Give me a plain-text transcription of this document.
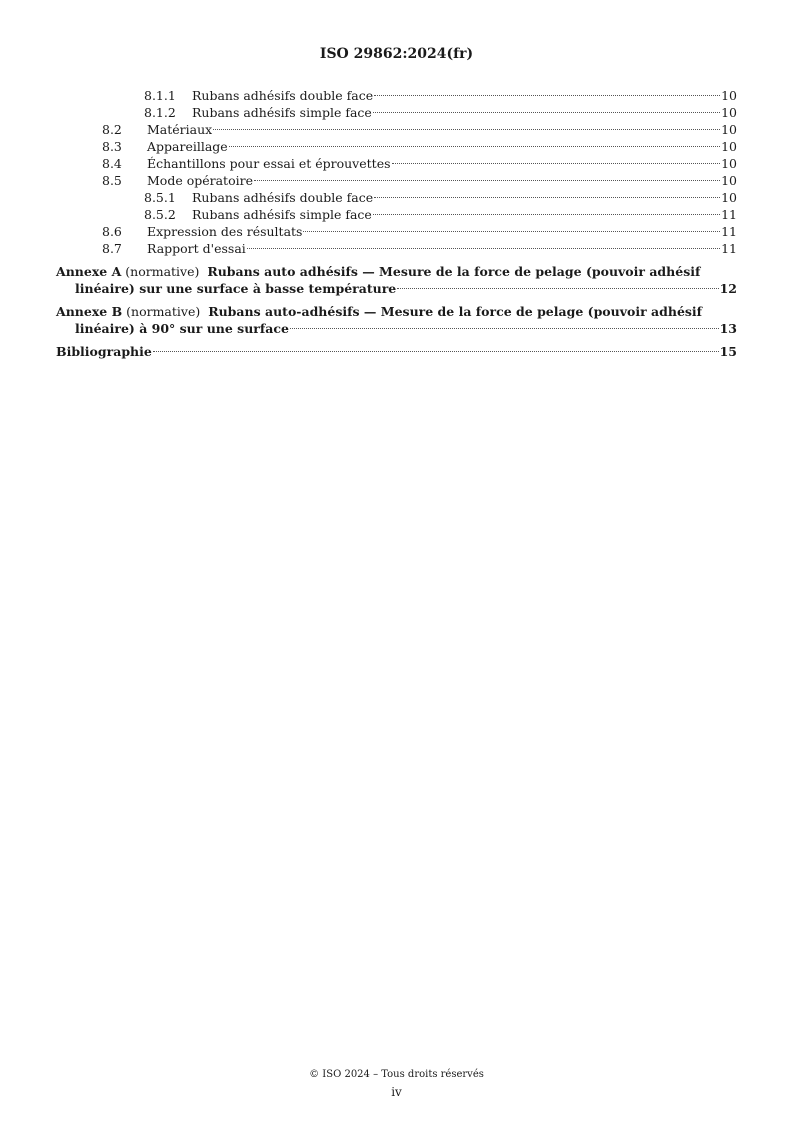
ISO 29862:2024(fr)
8.1.1	Rubans adhésifs double face	10
8.1.2	Rubans adhésifs simple face	10
8.2	Matériaux	10
8.3	Appareillage	10
8.4	Échantillons pour essai et éprouvettes	10
8.5	Mode opératoire	10
8.5.1	Rubans adhésifs double face	10
8.5.2	Rubans adhésifs simple face	11
8.6	Expression des résultats	11
8.7	Rapport d'essai	11
Annexe A (normative) Rubans auto adhésifs — Mesure de la force de pelage (pouvoir adhésif
linéaire) sur une surface à basse température	12
Annexe B (normative) Rubans auto-adhésifs — Mesure de la force de pelage (pouvoir adhésif
linéaire) à 90° sur une surface	13
Bibliographie	15
© ISO 2024 – Tous droits réservés
iv
